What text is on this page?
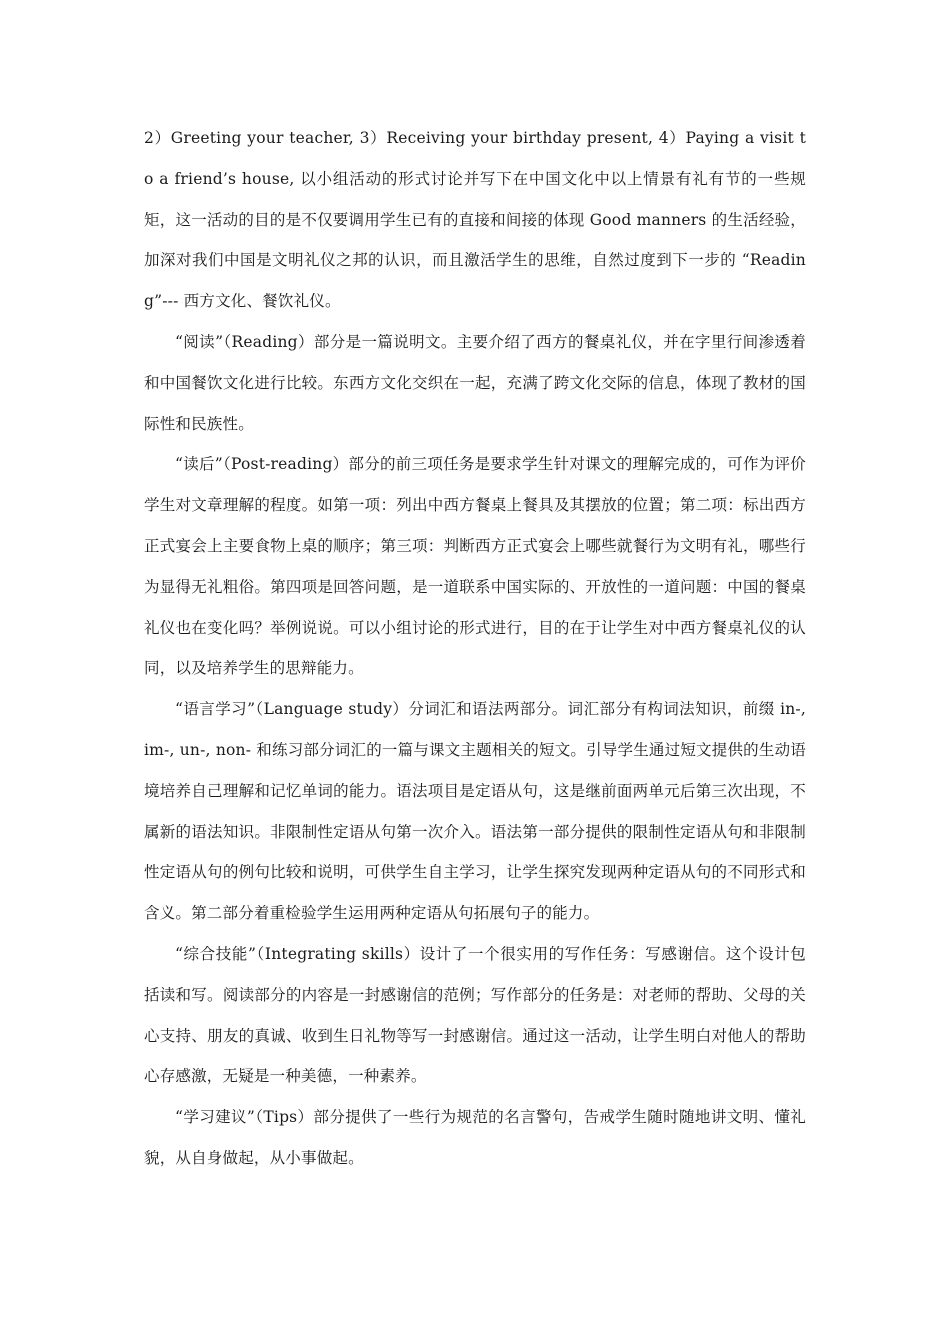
2）Greeting your teacher, 3）Receiving your birthday present, 4）Paying a visit to a friend’s house, 以小组活动的形式讨论并写下在中国文化中以上情景有礼有节的一些规矩，这一活动的目的是不仅要调用学生已有的直接和间接的体现 Good manners 的生活经验，加深对我们中国是文明礼仪之邦的认识，而且激活学生的思维，自然过度到下一步的 “Reading”--- 西方文化、餐饮礼仪。

“阅读”（Reading）部分是一篇说明文。主要介绍了西方的餐桌礼仪，并在字里行间渗透着和中国餐饮文化进行比较。东西方文化交织在一起，充满了跨文化交际的信息，体现了教材的国际性和民族性。

“读后”（Post-reading）部分的前三项任务是要求学生针对课文的理解完成的，可作为评价学生对文章理解的程度。如第一项：列出中西方餐桌上餐具及其摆放的位置；第二项：标出西方正式宴会上主要食物上桌的顺序；第三项：判断西方正式宴会上哪些就餐行为文明有礼，哪些行为显得无礼粗俗。第四项是回答问题，是一道联系中国实际的、开放性的一道问题：中国的餐桌礼仪也在变化吗？举例说说。可以小组讨论的形式进行，目的在于让学生对中西方餐桌礼仪的认同，以及培养学生的思辩能力。

“语言学习”（Language study）分词汇和语法两部分。词汇部分有构词法知识，前缀 in-, im-, un-, non- 和练习部分词汇的一篇与课文主题相关的短文。引导学生通过短文提供的生动语境培养自己理解和记忆单词的能力。语法项目是定语从句，这是继前面两单元后第三次出现，不属新的语法知识。非限制性定语从句第一次介入。语法第一部分提供的限制性定语从句和非限制性定语从句的例句比较和说明，可供学生自主学习，让学生探究发现两种定语从句的不同形式和含义。第二部分着重检验学生运用两种定语从句拓展句子的能力。

“综合技能”（Integrating skills）设计了一个很实用的写作任务：写感谢信。这个设计包括读和写。阅读部分的内容是一封感谢信的范例；写作部分的任务是：对老师的帮助、父母的关心支持、朋友的真诚、收到生日礼物等写一封感谢信。通过这一活动，让学生明白对他人的帮助心存感激，无疑是一种美德，一种素养。

“学习建议”（Tips）部分提供了一些行为规范的名言警句，告戒学生随时随地讲文明、懂礼貌，从自身做起，从小事做起。
